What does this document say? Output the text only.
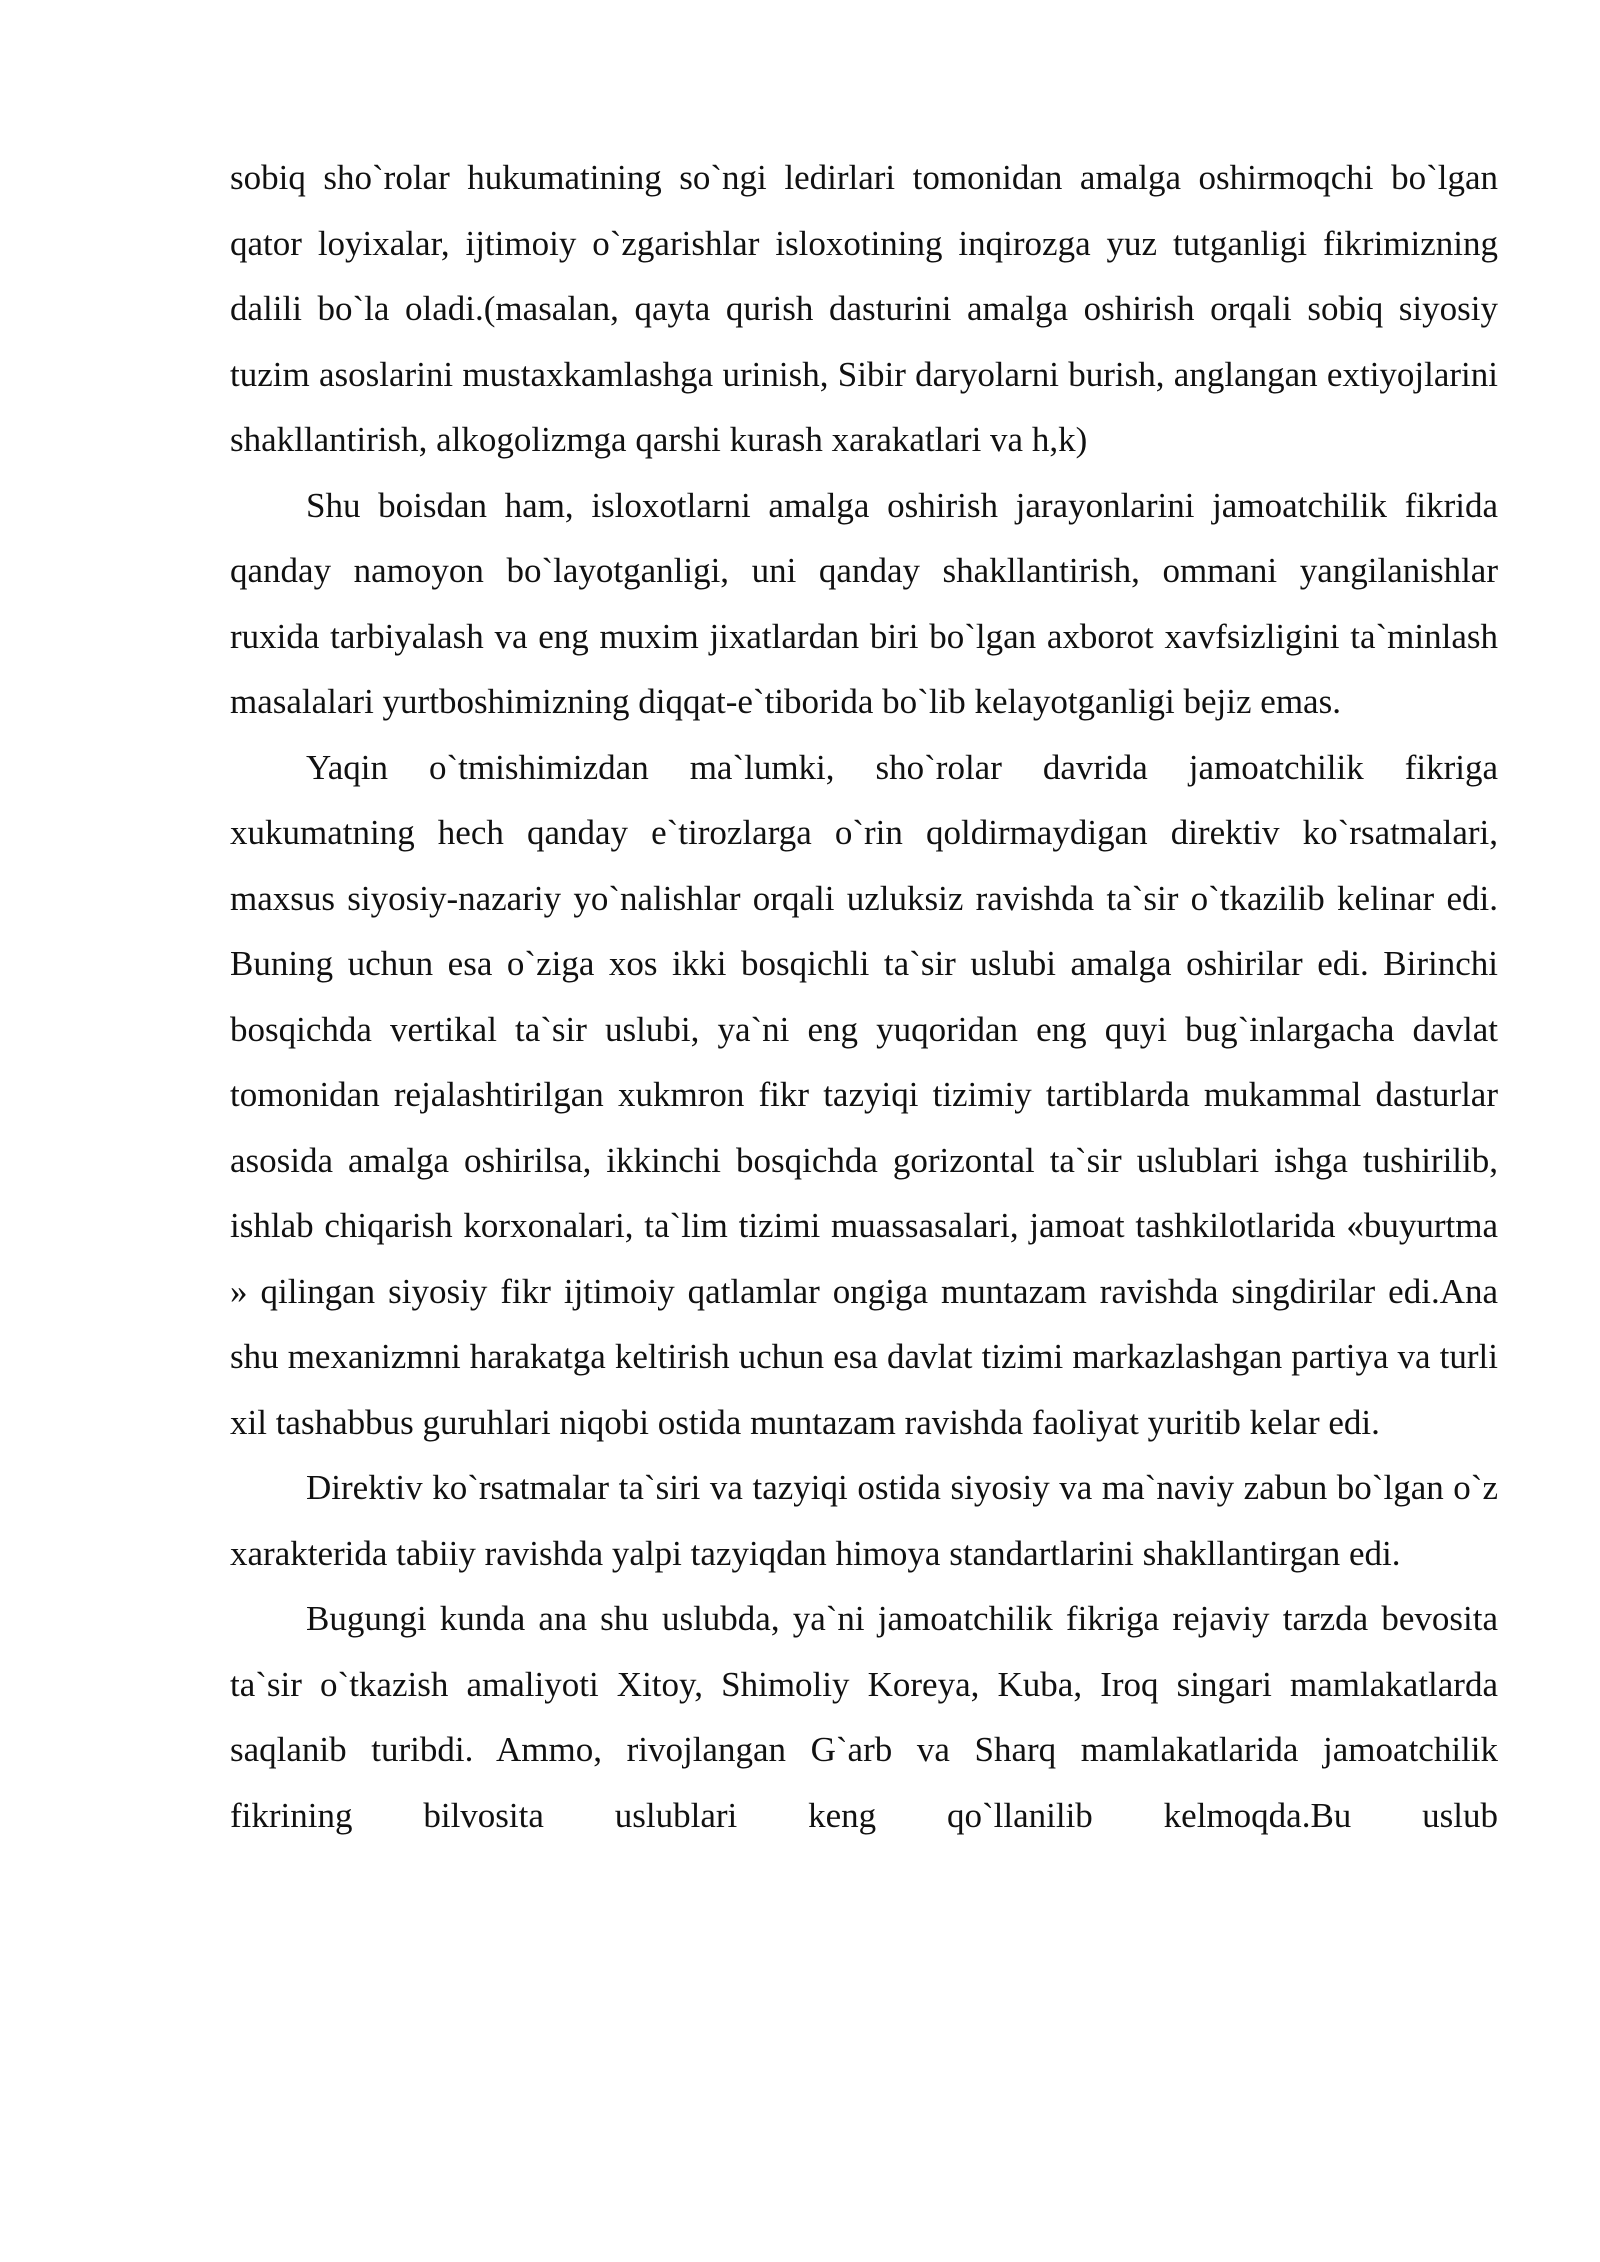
sobiq sho`rolar hukumatining so`ngi ledirlari tomonidan amalga oshirmoqchi bo`lgan qator loyixalar, ijtimoiy o`zgarishlar isloxotining inqirozga yuz tutganligi fikrimizning dalili bo`la oladi.(masalan, qayta qurish dasturini amalga oshirish orqali sobiq siyosiy tuzim asoslarini mustaxkamlashga urinish, Sibir daryolarni burish, anglangan extiyojlarini shakllantirish, alkogolizmga qarshi kurash xarakatlari va h,k)

Shu boisdan ham, isloxotlarni amalga oshirish jarayonlarini jamoatchilik fikrida qanday namoyon bo`layotganligi, uni qanday shakllantirish, ommani yangilanishlar ruxida tarbiyalash va eng muxim jixatlardan biri bo`lgan axborot xavfsizligini ta`minlash masalalari yurtboshimizning diqqat-e`tiborida bo`lib kelayotganligi bejiz emas.

Yaqin o`tmishimizdan ma`lumki, sho`rolar davrida jamoatchilik fikriga xukumatning hech qanday e`tirozlarga o`rin qoldirmaydigan direktiv ko`rsatmalari, maxsus siyosiy-nazariy yo`nalishlar orqali uzluksiz ravishda ta`sir o`tkazilib kelinar edi. Buning uchun esa o`ziga xos ikki bosqichli ta`sir uslubi amalga oshirilar edi. Birinchi bosqichda vertikal ta`sir uslubi, ya`ni eng yuqoridan eng quyi bug`inlargacha davlat tomonidan rejalashtirilgan xukmron fikr tazyiqi tizimiy tartiblarda mukammal dasturlar asosida amalga oshirilsa, ikkinchi bosqichda gorizontal ta`sir uslublari ishga tushirilib, ishlab chiqarish korxonalari, ta`lim tizimi muassasalari, jamoat tashkilotlarida «buyurtma » qilingan siyosiy fikr ijtimoiy qatlamlar ongiga muntazam ravishda singdirilar edi.Ana shu mexanizmni harakatga keltirish uchun esa davlat tizimi markazlashgan partiya va turli xil tashabbus guruhlari niqobi ostida muntazam ravishda faoliyat yuritib kelar edi.

Direktiv ko`rsatmalar ta`siri va tazyiqi ostida siyosiy va ma`naviy zabun bo`lgan o`z xarakterida tabiiy ravishda yalpi tazyiqdan himoya standartlarini shakllantirgan edi.

Bugungi kunda ana shu uslubda, ya`ni jamoatchilik fikriga rejaviy tarzda bevosita ta`sir o`tkazish amaliyoti Xitoy, Shimoliy Koreya, Kuba, Iroq singari mamlakatlarda saqlanib turibdi. Ammo, rivojlangan G`arb va Sharq mamlakatlarida jamoatchilik fikrining bilvosita uslublari keng qo`llanilib kelmoqda.Bu uslub
